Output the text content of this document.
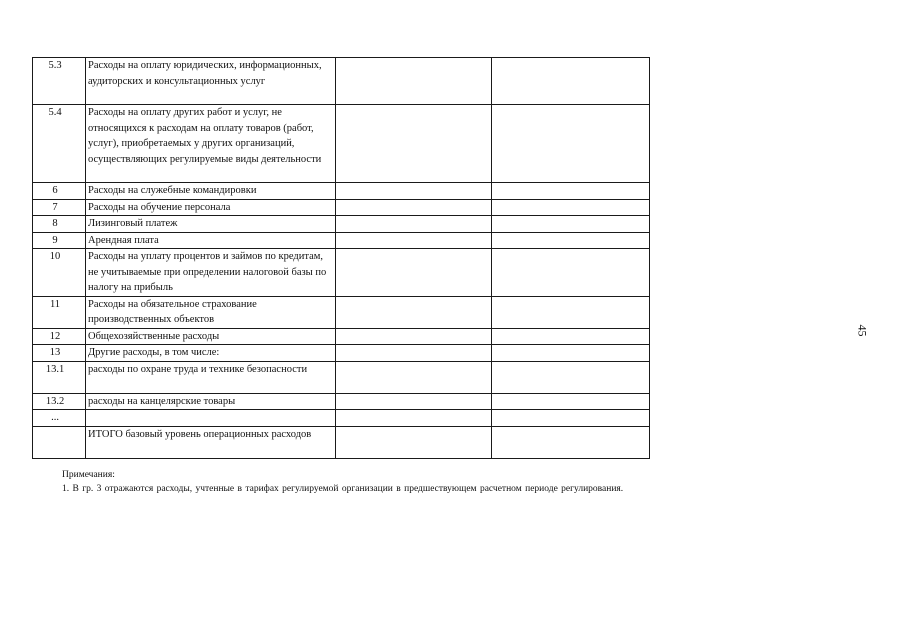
5.3	Расходы на оплату юридических, информационных, аудиторских и консультационных услуг		
5.4	Расходы на оплату других работ и услуг, не относящихся к расходам на оплату товаров (работ, услуг), приобретаемых у других организаций, осуществляющих регулируемые виды деятельности		
6	Расходы на служебные командировки		
7	Расходы на обучение персонала		
8	Лизинговый платеж		
9	Арендная плата		
10	Расходы на уплату процентов и займов по кредитам, не учитываемые при определении налоговой базы по налогу на прибыль		
11	Расходы на обязательное страхование производственных объектов		
12	Общехозяйственные расходы		
13	Другие расходы, в том числе:		
13.1	расходы по охране труда и технике безопасности		
13.2	расходы на канцелярские товары		
...			
	ИТОГО базовый уровень операционных расходов		
Примечания:
1. В гр. 3 отражаются расходы, учтенные в тарифах регулируемой организации в предшествующем расчетном периоде регулирования.
45
